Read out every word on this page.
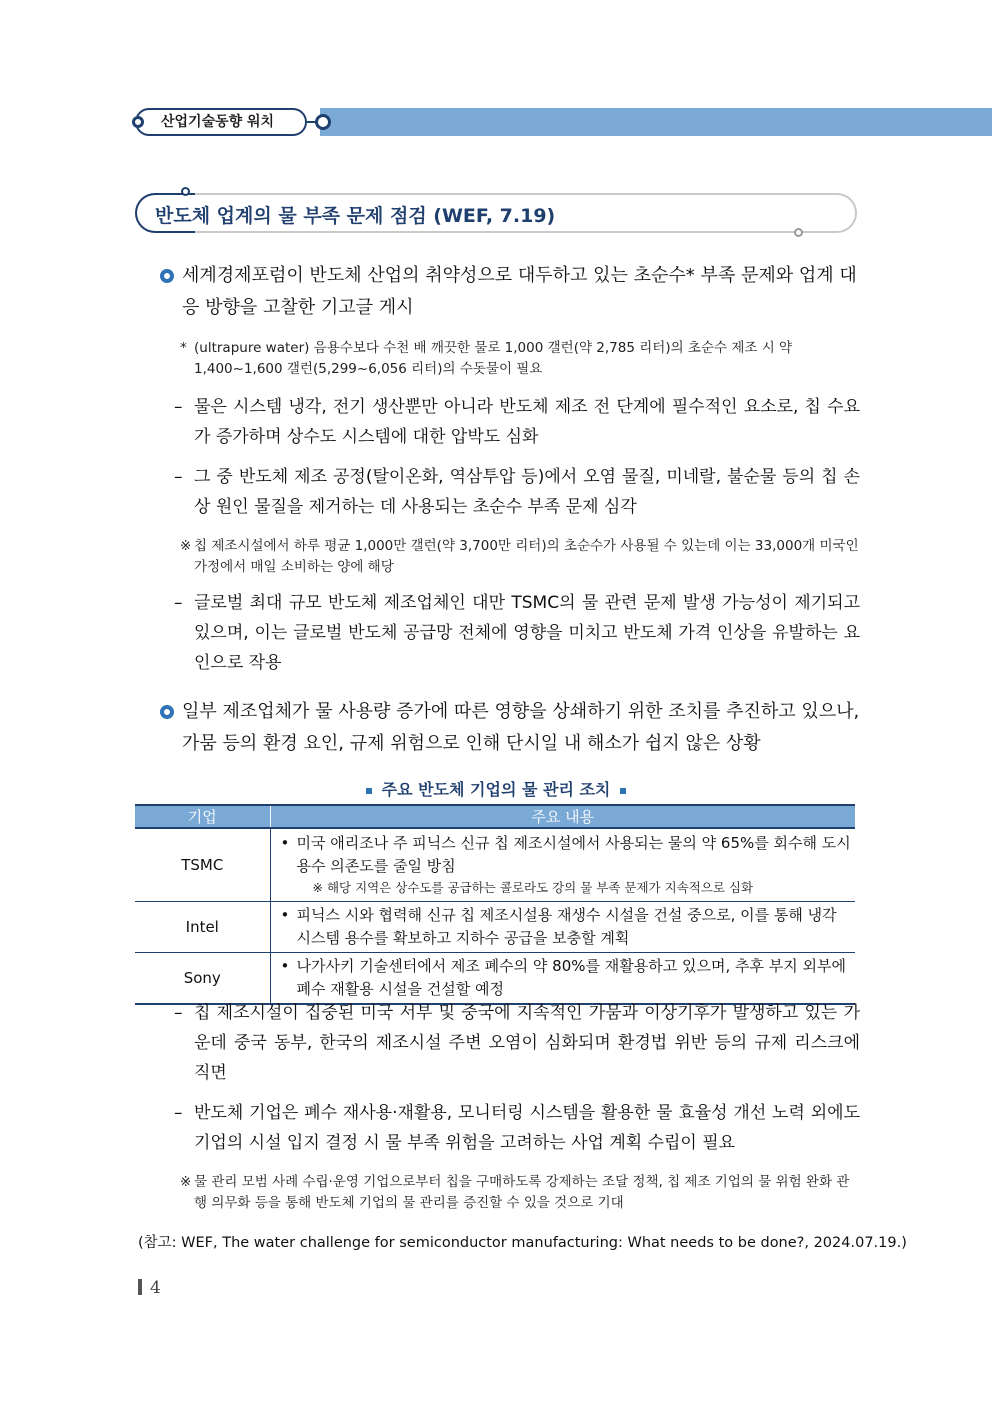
산업기술동향 워치
반도체 업계의 물 부족 문제 점검 (WEF, 7.19)
세계경제포럼이 반도체 산업의 취약성으로 대두하고 있는 초순수* 부족 문제와 업계 대응 방향을 고찰한 기고글 게시
* (ultrapure water) 음용수보다 수천 배 깨끗한 물로 1,000 갤런(약 2,785 리터)의 초순수 제조 시 약 1,400~1,600 갤런(5,299~6,056 리터)의 수돗물이 필요
– 물은 시스템 냉각, 전기 생산뿐만 아니라 반도체 제조 전 단계에 필수적인 요소로, 칩 수요가 증가하며 상수도 시스템에 대한 압박도 심화
– 그 중 반도체 제조 공정(탈이온화, 역삼투압 등)에서 오염 물질, 미네랄, 불순물 등의 칩 손상 원인 물질을 제거하는 데 사용되는 초순수 부족 문제 심각
※ 칩 제조시설에서 하루 평균 1,000만 갤런(약 3,700만 리터)의 초순수가 사용될 수 있는데 이는 33,000개 미국인 가정에서 매일 소비하는 양에 해당
– 글로벌 최대 규모 반도체 제조업체인 대만 TSMC의 물 관련 문제 발생 가능성이 제기되고 있으며, 이는 글로벌 반도체 공급망 전체에 영향을 미치고 반도체 가격 인상을 유발하는 요인으로 작용
일부 제조업체가 물 사용량 증가에 따른 영향을 상쇄하기 위한 조치를 추진하고 있으나, 가뭄 등의 환경 요인, 규제 위험으로 인해 단시일 내 해소가 쉽지 않은 상황
주요 반도체 기업의 물 관리 조치
기업	주요 내용
TSMC	• 미국 애리조나 주 피닉스 신규 칩 제조시설에서 사용되는 물의 약 65%를 회수해 도시 용수 의존도를 줄일 방침
※ 해당 지역은 상수도를 공급하는 콜로라도 강의 물 부족 문제가 지속적으로 심화

Intel	• 피닉스 시와 협력해 신규 칩 제조시설용 재생수 시설을 건설 중으로, 이를 통해 냉각 시스템 용수를 확보하고 지하수 공급을 보충할 계획

Sony	• 나가사키 기술센터에서 제조 폐수의 약 80%를 재활용하고 있으며, 추후 부지 외부에 폐수 재활용 시설을 건설할 예정
– 칩 제조시설이 집중된 미국 서부 및 중국에 지속적인 가뭄과 이상기후가 발생하고 있는 가운데 중국 동부, 한국의 제조시설 주변 오염이 심화되며 환경법 위반 등의 규제 리스크에 직면
– 반도체 기업은 폐수 재사용·재활용, 모니터링 시스템을 활용한 물 효율성 개선 노력 외에도 기업의 시설 입지 결정 시 물 부족 위험을 고려하는 사업 계획 수립이 필요
※ 물 관리 모범 사례 수립·운영 기업으로부터 칩을 구매하도록 강제하는 조달 정책, 칩 제조 기업의 물 위험 완화 관행 의무화 등을 통해 반도체 기업의 물 관리를 증진할 수 있을 것으로 기대
(참고: WEF, The water challenge for semiconductor manufacturing: What needs to be done?, 2024.07.19.)
4
